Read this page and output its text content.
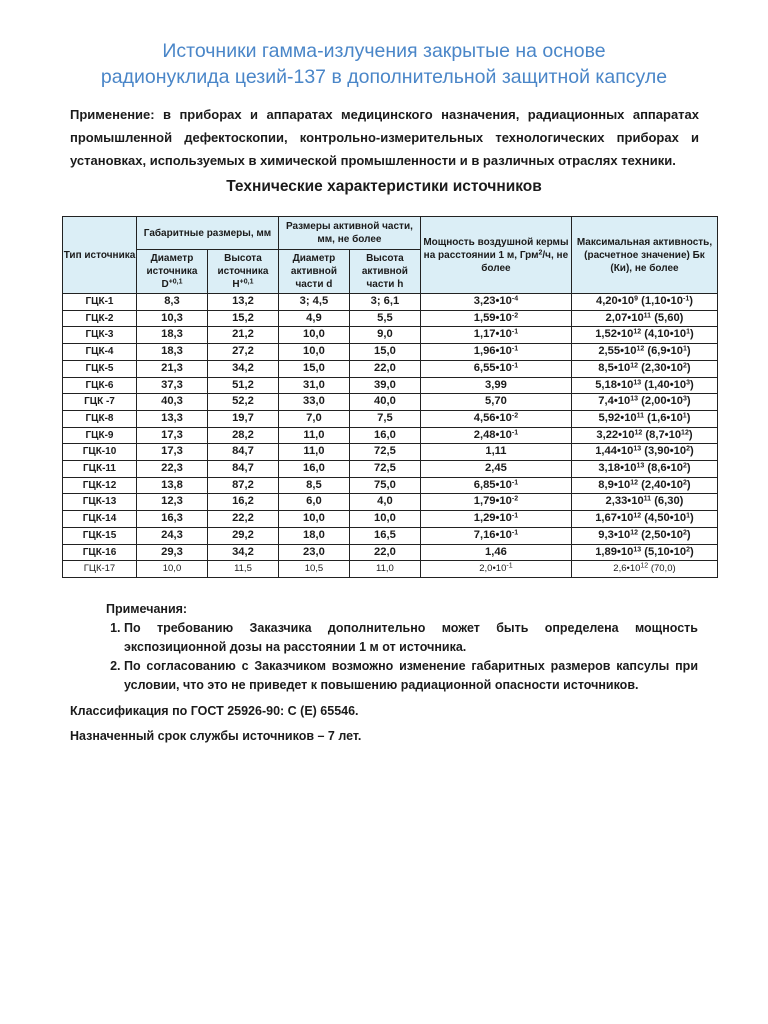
Источники гамма-излучения закрытые на основе
радионуклида цезий-137 в дополнительной защитной капсуле
Применение: в приборах и аппаратах медицинского назначения, радиационных аппаратах промышленной дефектоскопии, контрольно-измерительных технологических приборах и установках, используемых в химической промышленности и в различных отраслях техники.
Технические характеристики источников
Тип источника	Габаритные размеры, мм		Размеры активной части, мм, не более		Мощность воздушной кермы на расстоянии 1 м, Грм$^2$/ч, не более	Максимальная активность, (расчетное значение) Бк (Ки), не более
	Диаметр источника $D^{+0,1}$	Высота источника $H^{+0,1}$	Диаметр активной части d	Высота активной части h		
ГЦК-1	8,3	13,2	3; 4,5	3; 6,1	$3,23•10^{-4}$	$4,20•10^9$ $(1,10•10^{-1})$
ГЦК-2	10,3	15,2	4,9	5,5	$1,59•10^{-2}$	$2,07•10^{11}$ (5,60)
ГЦК-3	18,3	21,2	10,0	9,0	$1,17•10^{-1}$	$1,52•10^{12}$ $(4,10•10^1)$
ГЦК-4	18,3	27,2	10,0	15,0	$1,96•10^{-1}$	$2,55•10^{12}$ $(6,9•10^1)$
ГЦК-5	21,3	34,2	15,0	22,0	$6,55•10^{-1}$	$8,5•10^{12}$ $(2,30•10^2)$
ГЦК-6	37,3	51,2	31,0	39,0	3,99	$5,18•10^{13}$ $(1,40•10^3)$
ГЦК -7	40,3	52,2	33,0	40,0	5,70	$7,4•10^{13}$ $(2,00•10^3)$
ГЦК-8	13,3	19,7	7,0	7,5	$4,56•10^{-2}$	$5,92•10^{11}$ $(1,6•10^1)$
ГЦК-9	17,3	28,2	11,0	16,0	$2,48•10^{-1}$	$3,22•10^{12}$ $(8,7•10^{12})$
ГЦК-10	17,3	84,7	11,0	72,5	1,11	$1,44•10^{13}$ $(3,90•10^2)$
ГЦК-11	22,3	84,7	16,0	72,5	2,45	$3,18•10^{13}$ $(8,6•10^2)$
ГЦК-12	13,8	87,2	8,5	75,0	$6,85•10^{-1}$	$8,9•10^{12}$ $(2,40•10^2)$
ГЦК-13	12,3	16,2	6,0	4,0	$1,79•10^{-2}$	$2,33•10^{11}$ (6,30)
ГЦК-14	16,3	22,2	10,0	10,0	$1,29•10^{-1}$	$1,67•10^{12}$ $(4,50•10^1)$
ГЦК-15	24,3	29,2	18,0	16,5	$7,16•10^{-1}$	$9,3•10^{12}$ $(2,50•10^2)$
ГЦК-16	29,3	34,2	23,0	22,0	1,46	$1,89•10^{13}$ $(5,10•10^2)$
ГЦК-17	10,0	11,5	10,5	11,0	$2,0•10^{-1}$	$2,6•10^{12}$ (70,0)
Примечания:
1. По требованию Заказчика дополнительно может быть определена мощность экспозиционной дозы на расстоянии 1 м от источника.
2. По согласованию с Заказчиком возможно изменение габаритных размеров капсулы при условии, что это не приведет к повышению радиационной опасности источников.
Классификация по ГОСТ 25926-90: С (Е) 65546.
Назначенный срок службы источников – 7 лет.
